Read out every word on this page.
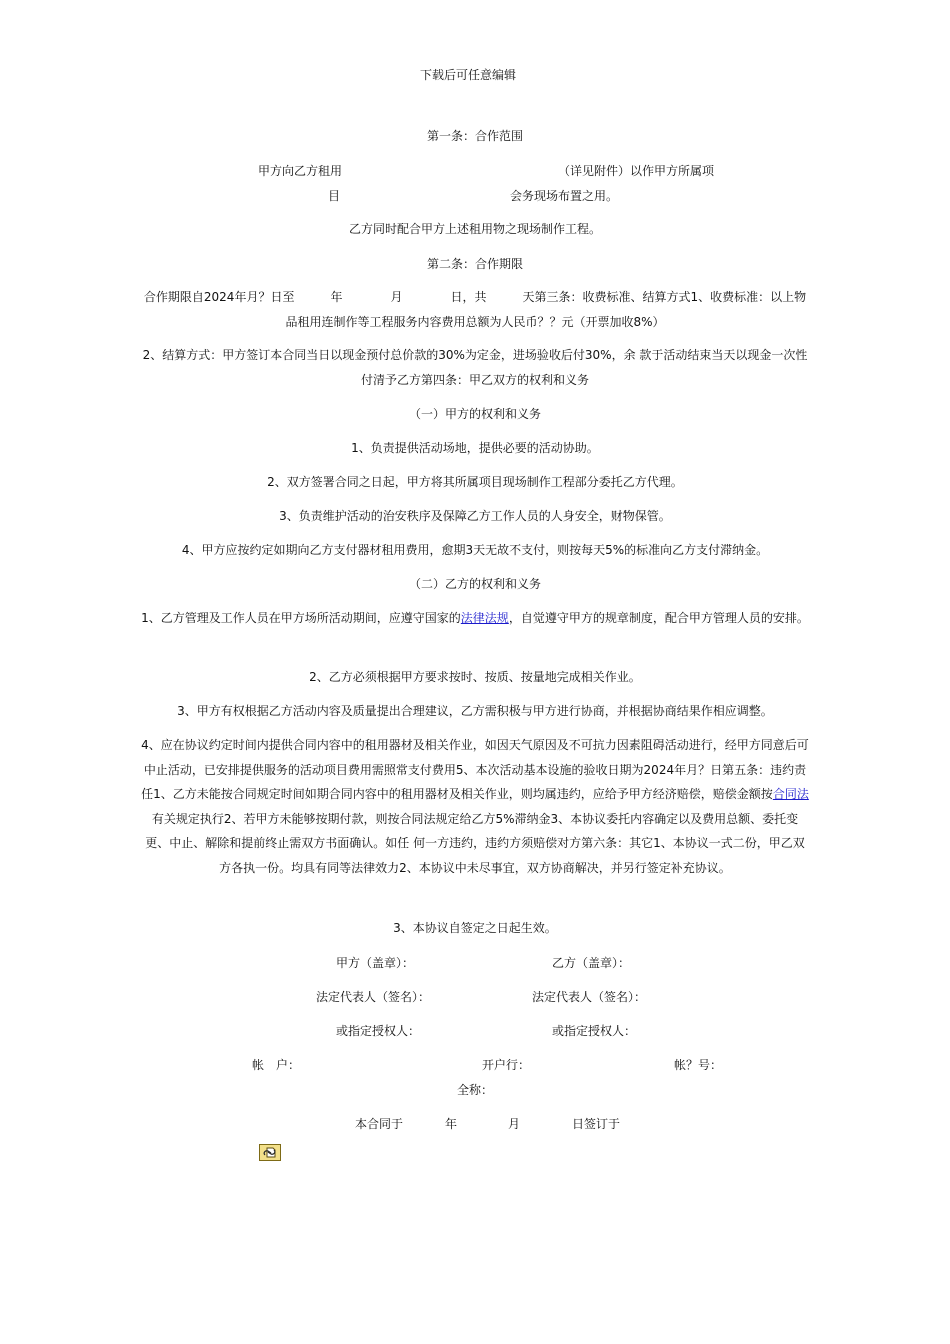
下载后可任意编辑
第一条：合作范围
甲方向乙方租用	（详见附件）以作甲方所属项
目	会务现场布置之用。
乙方同时配合甲方上述租用物之现场制作工程。
第二条：合作期限
合作期限自2024年月？日至　　　年　　　　月　　　　日，共　　　天第三条：收费标准、结算方式1、收费标准：以上物品租用连制作等工程服务内容费用总额为人民币？？元（开票加收8%）
2、结算方式：甲方签订本合同当日以现金预付总价款的30%为定金，进场验收后付30%，余 款于活动结束当天以现金一次性付清予乙方第四条：甲乙双方的权利和义务
（一）甲方的权利和义务
1、负责提供活动场地，提供必要的活动协助。
2、双方签署合同之日起，甲方将其所属项目现场制作工程部分委托乙方代理。
3、负责维护活动的治安秩序及保障乙方工作人员的人身安全，财物保管。
4、甲方应按约定如期向乙方支付器材租用费用，愈期3天无故不支付，则按每天5%的标准向乙方支付滞纳金。
（二）乙方的权利和义务
1、乙方管理及工作人员在甲方场所活动期间，应遵守国家的法律法规，自觉遵守甲方的规章制度，配合甲方管理人员的安排。
2、乙方必须根据甲方要求按时、按质、按量地完成相关作业。
3、甲方有权根据乙方活动内容及质量提出合理建议，乙方需积极与甲方进行协商，并根据协商结果作相应调整。
4、应在协议约定时间内提供合同内容中的租用器材及相关作业，如因天气原因及不可抗力因素阻碍活动进行，经甲方同意后可中止活动，已安排提供服务的活动项目费用需照常支付费用5、本次活动基本设施的验收日期为2024年月？日第五条：违约责任1、乙方未能按合同规定时间如期合同内容中的租用器材及相关作业，则均属违约，应给予甲方经济赔偿，赔偿金额按合同法有关规定执行2、若甲方未能够按期付款，则按合同法规定给乙方5%滞纳金3、本协议委托内容确定以及费用总额、委托变更、中止、解除和提前终止需双方书面确认。如任 何一方违约，违约方须赔偿对方第六条：其它1、本协议一式二份，甲乙双方各执一份。均具有同等法律效力2、本协议中未尽事宜，双方协商解决，并另行签定补充协议。
3、本协议自签定之日起生效。
甲方（盖章）：	乙方（盖章）：
法定代表人（签名）：	法定代表人（签名）：
或指定授权人：	或指定授权人：
帐　户：	开户行：	帐？号：
全称：
本合同于	年	月	日签订于
